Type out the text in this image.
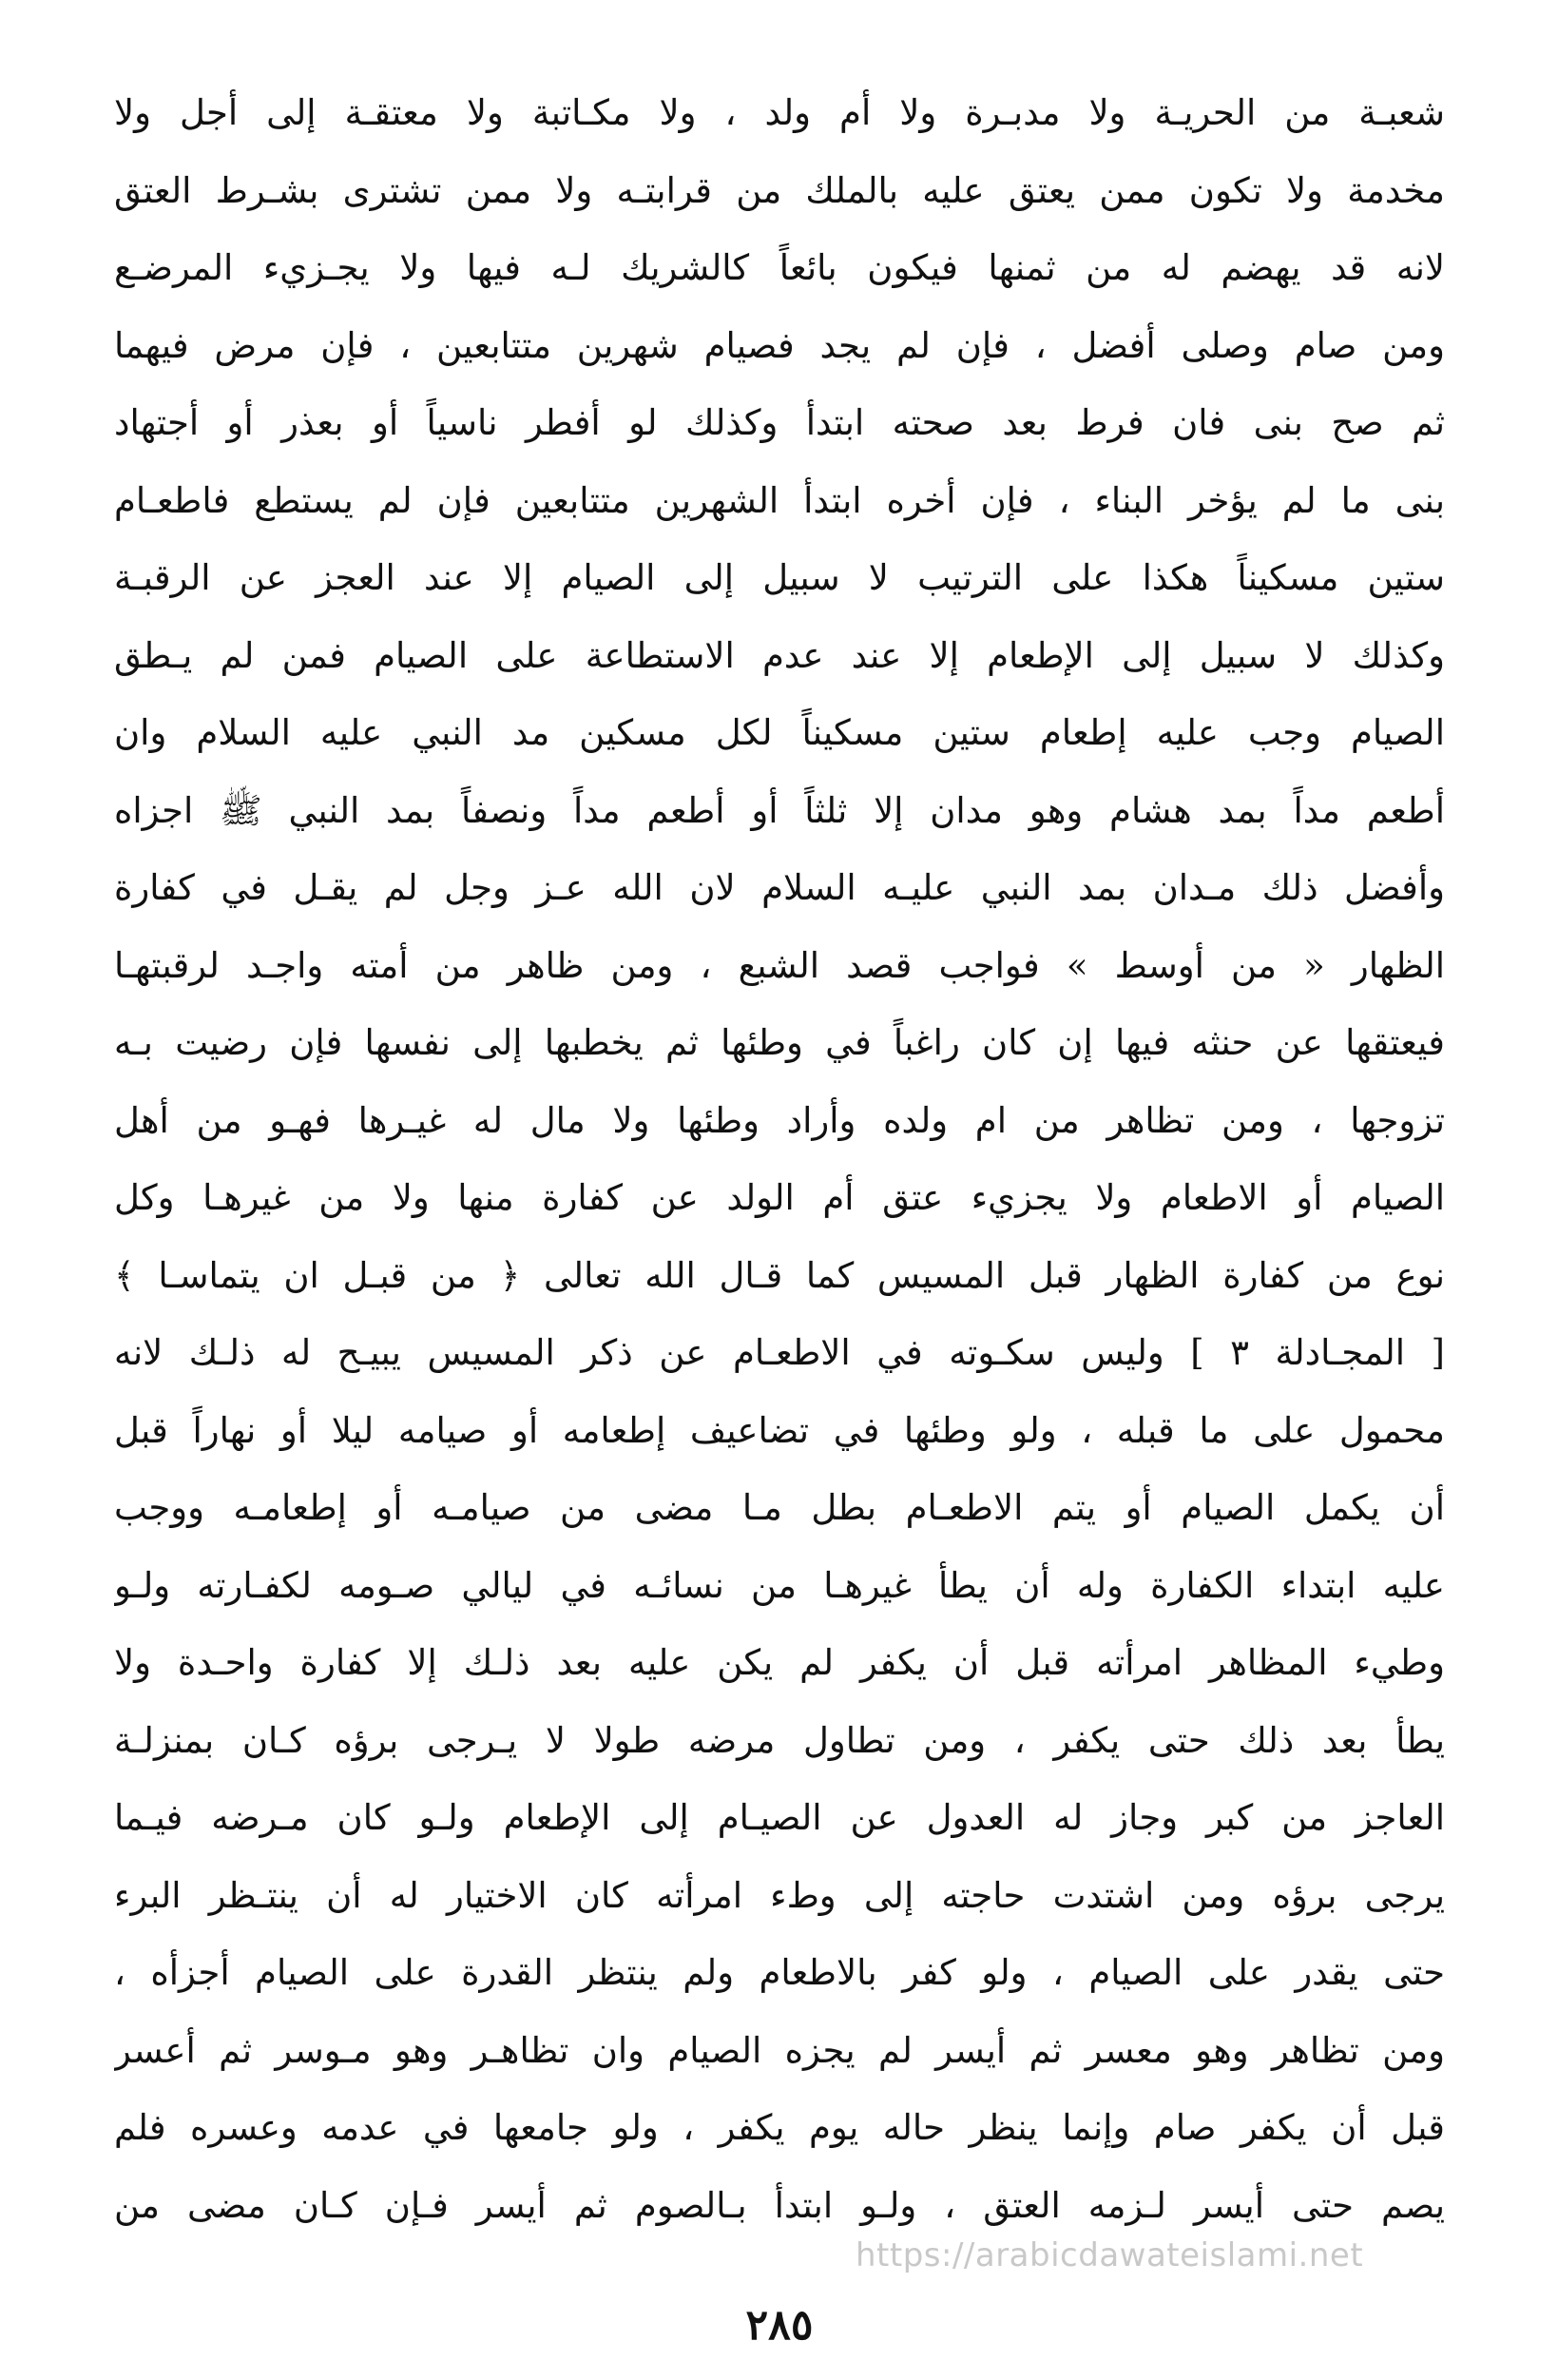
شعبـة من الحريـة ولا مدبـرة ولا أم ولد ، ولا مكـاتبة ولا معتقـة إلى أجل ولا
مخدمة ولا تكون ممن يعتق عليه بالملك من قرابتـه ولا ممن تشترى بشـرط العتق
لانه قد يهضم له من ثمنها فيكون بائعاً كالشريك لـه فيها ولا يجـزيء المرضـع
ومن صام وصلى أفضل ، فإن لم يجد فصيام شهرين متتابعين ، فإن مرض فيهما
ثم صح بنى فان فرط بعد صحته ابتدأ وكذلك لو أفطر ناسياً أو بعذر أو أجتهاد
بنى ما لم يؤخر البناء ، فإن أخره ابتدأ الشهرين متتابعين فإن لم يستطع فاطعـام
ستين مسكيناً هكذا على الترتيب لا سبيل إلى الصيام إلا عند العجز عن الرقبـة
وكذلك لا سبيل إلى الإطعام إلا عند عدم الاستطاعة على الصيام فمن لم يـطق
الصيام وجب عليه إطعام ستين مسكيناً لكل مسكين مد النبي عليه السلام وان
أطعم مداً بمد هشام وهو مدان إلا ثلثاً أو أطعم مداً ونصفاً بمد النبي ﷺ اجزاه
وأفضل ذلك مـدان بمد النبي عليـه السلام لان الله عـز وجل لم يقـل في كفارة
الظهار « من أوسط » فواجب قصد الشبع ، ومن ظاهر من أمته واجـد لرقبتهـا
فيعتقها عن حنثه فيها إن كان راغباً في وطئها ثم يخطبها إلى نفسها فإن رضيت بـه
تزوجها ، ومن تظاهر من ام ولده وأراد وطئها ولا مال له غيـرها فهـو من أهل
الصيام أو الاطعام ولا يجزيء عتق أم الولد عن كفارة منها ولا من غيرهـا وكل
نوع من كفارة الظهار قبل المسيس كما قـال الله تعالى ﴿ من قبـل ان يتماسـا ﴾
[ المجـادلة ٣ ] وليس سكـوته في الاطعـام عن ذكر المسيس يبيـح له ذلـك لانه
محمول على ما قبله ، ولو وطئها في تضاعيف إطعامه أو صيامه ليلا أو نهاراً قبل
أن يكمل الصيام أو يتم الاطعـام بطل مـا مضى من صيامـه أو إطعامـه ووجب
عليه ابتداء الكفارة وله أن يطأ غيرهـا من نسائـه في ليالي صـومه لكفـارته ولـو
وطيء المظاهر امرأته قبل أن يكفر لم يكن عليه بعد ذلـك إلا كفارة واحـدة ولا
يطأ بعد ذلك حتى يكفر ، ومن تطاول مرضه طولا لا يـرجى برؤه كـان بمنزلـة
العاجز من كبر وجاز له العدول عن الصيـام إلى الإطعام ولـو كان مـرضه فيـما
يرجى برؤه ومن اشتدت حاجته إلى وطء امرأته كان الاختيار له أن ينتـظر البرء
حتى يقدر على الصيام ، ولو كفر بالاطعام ولم ينتظر القدرة على الصيام أجزأه ،
ومن تظاهر وهو معسر ثم أيسر لم يجزه الصيام وان تظاهـر وهو مـوسر ثم أعسر
قبل أن يكفر صام وإنما ينظر حاله يوم يكفر ، ولو جامعها في عدمه وعسره فلم
يصم حتى أيسر لـزمه العتق ، ولـو ابتدأ بـالصوم ثم أيسر فـإن كـان مضى من
https://arabicdawateislami.net
٢٨٥
